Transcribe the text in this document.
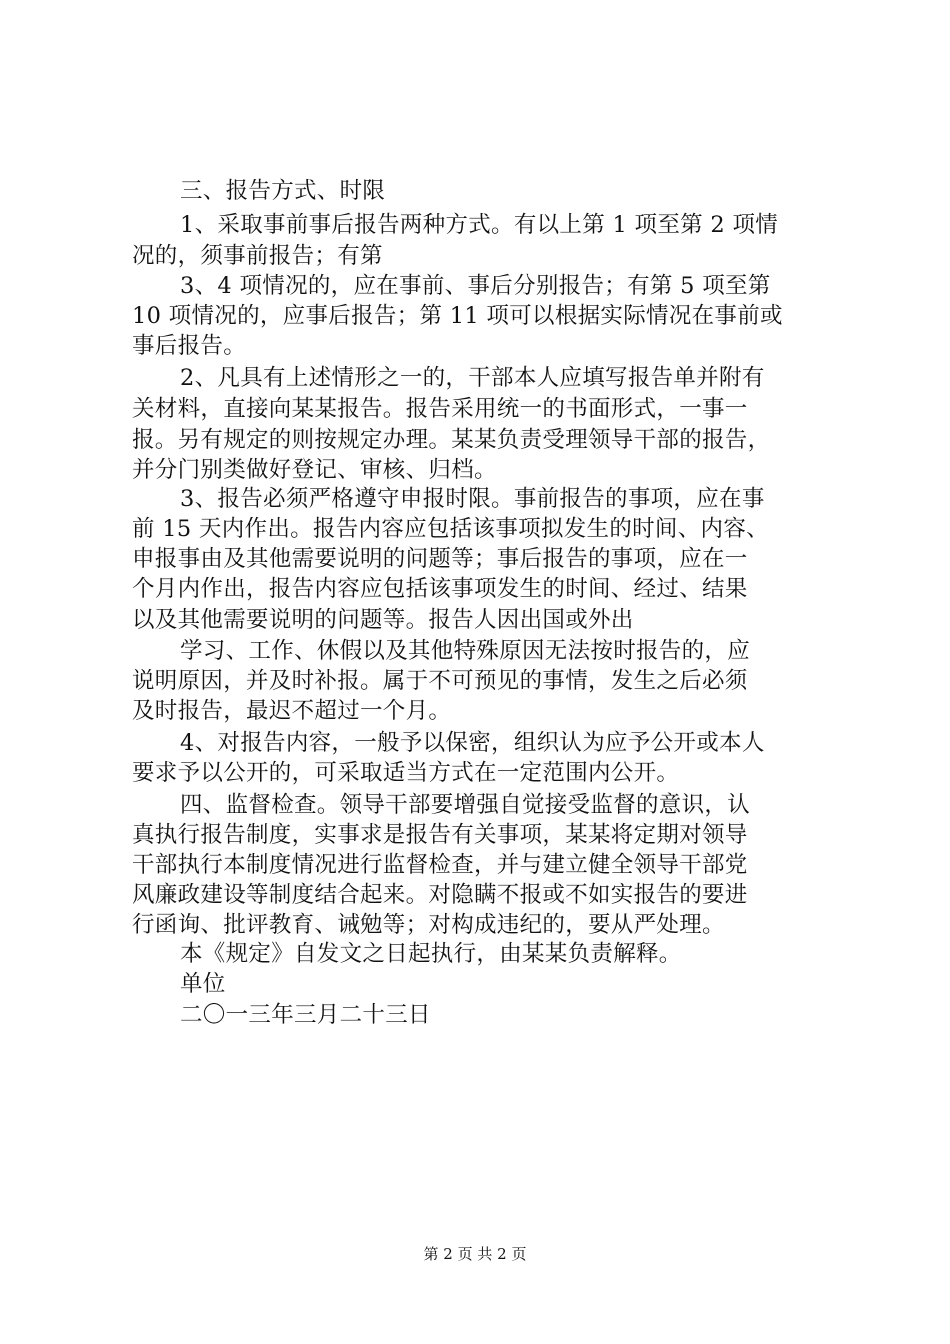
三、报告方式、时限
1、采取事前事后报告两种方式。有以上第 1 项至第 2 项情
况的，须事前报告；有第
3、4 项情况的，应在事前、事后分别报告；有第 5 项至第
10 项情况的，应事后报告；第 11 项可以根据实际情况在事前或
事后报告。
2、凡具有上述情形之一的，干部本人应填写报告单并附有
关材料，直接向某某报告。报告采用统一的书面形式，一事一
报。另有规定的则按规定办理。某某负责受理领导干部的报告，
并分门别类做好登记、审核、归档。
3、报告必须严格遵守申报时限。事前报告的事项，应在事
前 15 天内作出。报告内容应包括该事项拟发生的时间、内容、
申报事由及其他需要说明的问题等；事后报告的事项，应在一
个月内作出，报告内容应包括该事项发生的时间、经过、结果
以及其他需要说明的问题等。报告人因出国或外出
学习、工作、休假以及其他特殊原因无法按时报告的，应
说明原因，并及时补报。属于不可预见的事情，发生之后必须
及时报告，最迟不超过一个月。
4、对报告内容，一般予以保密，组织认为应予公开或本人
要求予以公开的，可采取适当方式在一定范围内公开。
四、监督检查。领导干部要增强自觉接受监督的意识，认
真执行报告制度，实事求是报告有关事项，某某将定期对领导
干部执行本制度情况进行监督检查，并与建立健全领导干部党
风廉政建设等制度结合起来。对隐瞒不报或不如实报告的要进
行函询、批评教育、诫勉等；对构成违纪的，要从严处理。
本《规定》自发文之日起执行，由某某负责解释。
单位
二〇一三年三月二十三日
第 2 页 共 2 页
